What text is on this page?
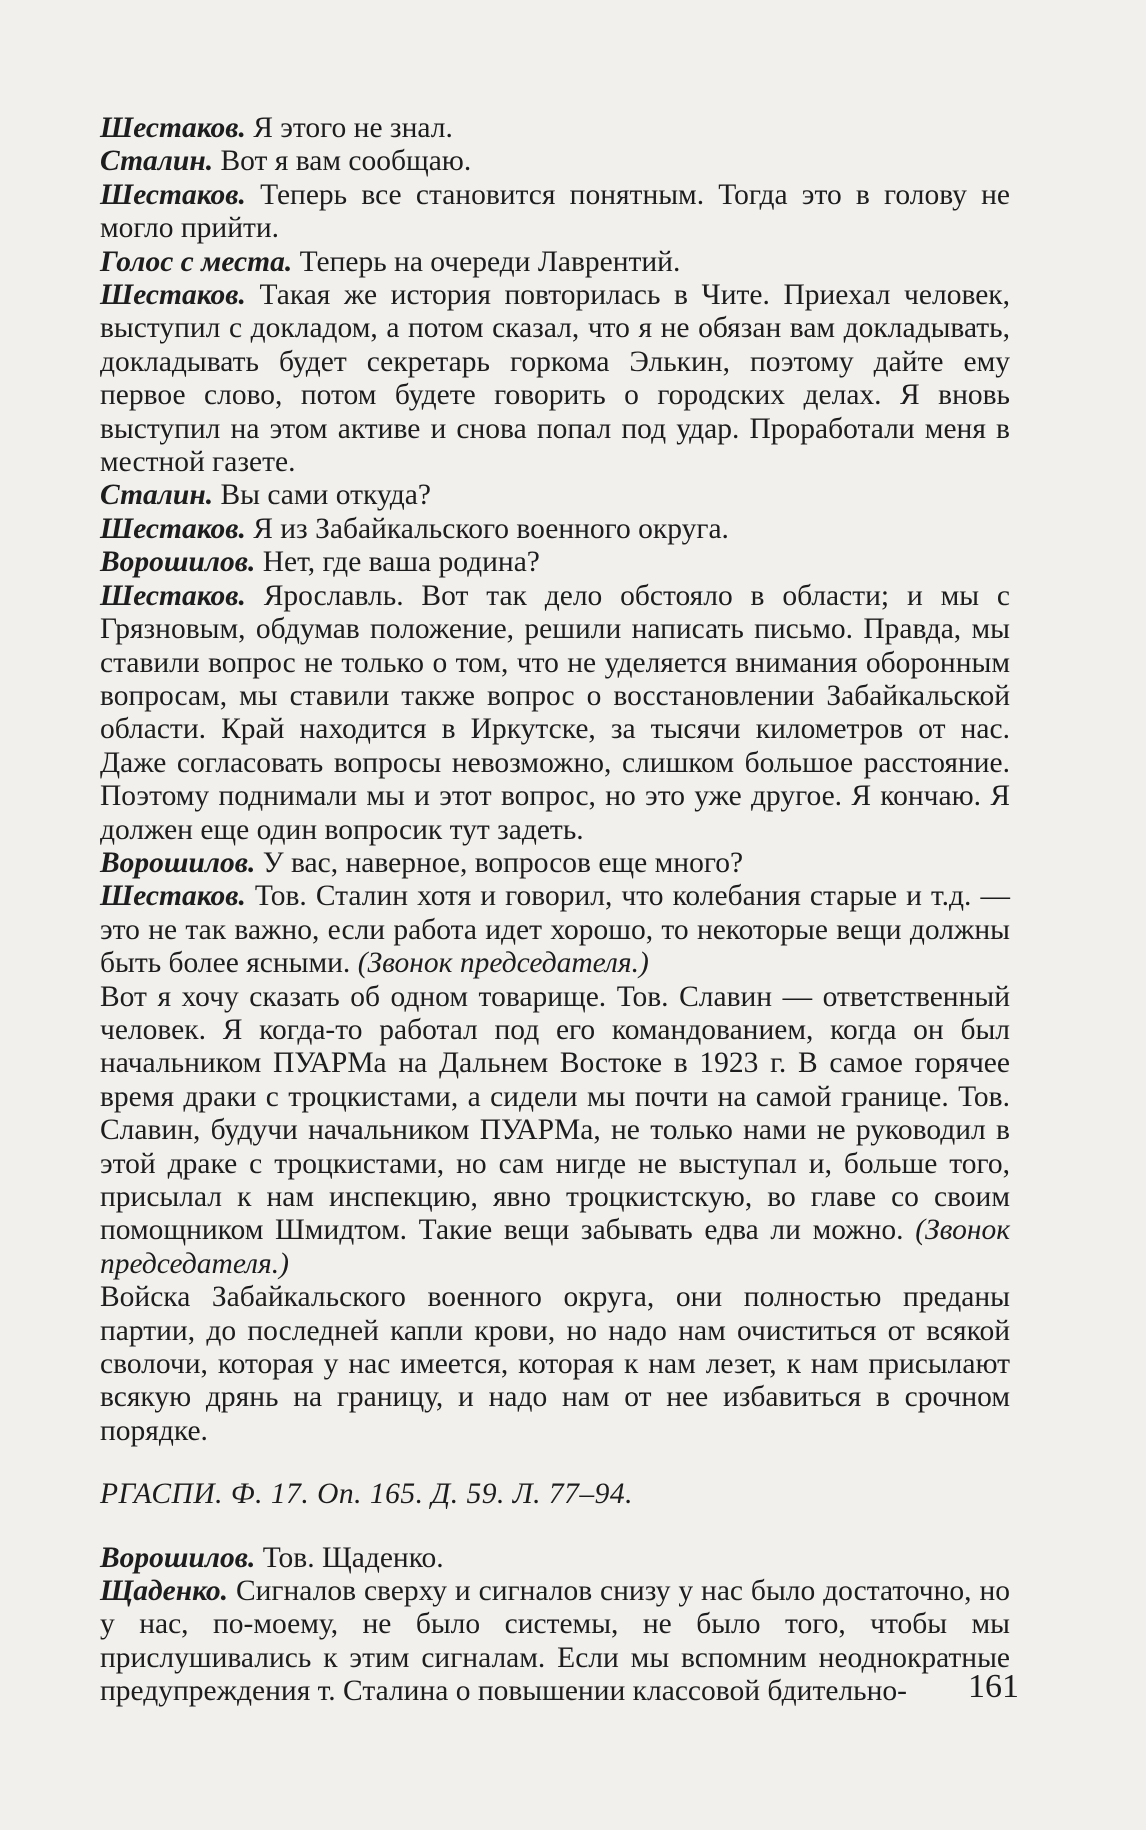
Шестаков. Я этого не знал.

Сталин. Вот я вам сообщаю.

Шестаков. Теперь все становится понятным. Тогда это в голову не могло прийти.

Голос с места. Теперь на очереди Лаврентий.

Шестаков. Такая же история повторилась в Чите. Приехал человек, выступил с докладом, а потом сказал, что я не обязан вам докладывать, докладывать будет секретарь горкома Элькин, поэтому дайте ему первое слово, потом будете говорить о городских делах. Я вновь выступил на этом активе и снова попал под удар. Проработали меня в местной газете.

Сталин. Вы сами откуда?

Шестаков. Я из Забайкальского военного округа.

Ворошилов. Нет, где ваша родина?

Шестаков. Ярославль. Вот так дело обстояло в области; и мы с Грязновым, обдумав положение, решили написать письмо. Правда, мы ставили вопрос не только о том, что не уделяется внимания оборонным вопросам, мы ставили также вопрос о восстановлении Забайкальской области. Край находится в Иркутске, за тысячи километров от нас. Даже согласовать вопросы невозможно, слишком большое расстояние. Поэтому поднимали мы и этот вопрос, но это уже другое. Я кончаю. Я должен еще один вопросик тут задеть.

Ворошилов. У вас, наверное, вопросов еще много?

Шестаков. Тов. Сталин хотя и говорил, что колебания старые и т.д. — это не так важно, если работа идет хорошо, то некоторые вещи должны быть более ясными. (Звонок председателя.)

Вот я хочу сказать об одном товарище. Тов. Славин — ответственный человек. Я когда-то работал под его командованием, когда он был начальником ПУАРМа на Дальнем Востоке в 1923 г. В самое горячее время драки с троцкистами, а сидели мы почти на самой границе. Тов. Славин, будучи начальником ПУАРМа, не только нами не руководил в этой драке с троцкистами, но сам нигде не выступал и, больше того, присылал к нам инспекцию, явно троцкистскую, во главе со своим помощником Шмидтом. Такие вещи забывать едва ли можно. (Звонок председателя.)

Войска Забайкальского военного округа, они полностью преданы партии, до последней капли крови, но надо нам очиститься от всякой сволочи, которая у нас имеется, которая к нам лезет, к нам присылают всякую дрянь на границу, и надо нам от нее избавиться в срочном порядке.

РГАСПИ. Ф. 17. Оп. 165. Д. 59. Л. 77–94.

Ворошилов. Тов. Щаденко.

Щаденко. Сигналов сверху и сигналов снизу у нас было достаточно, но у нас, по-моему, не было системы, не было того, чтобы мы прислушивались к этим сигналам. Если мы вспомним неоднократные предупреждения т. Сталина о повышении классовой бдительно-	161
